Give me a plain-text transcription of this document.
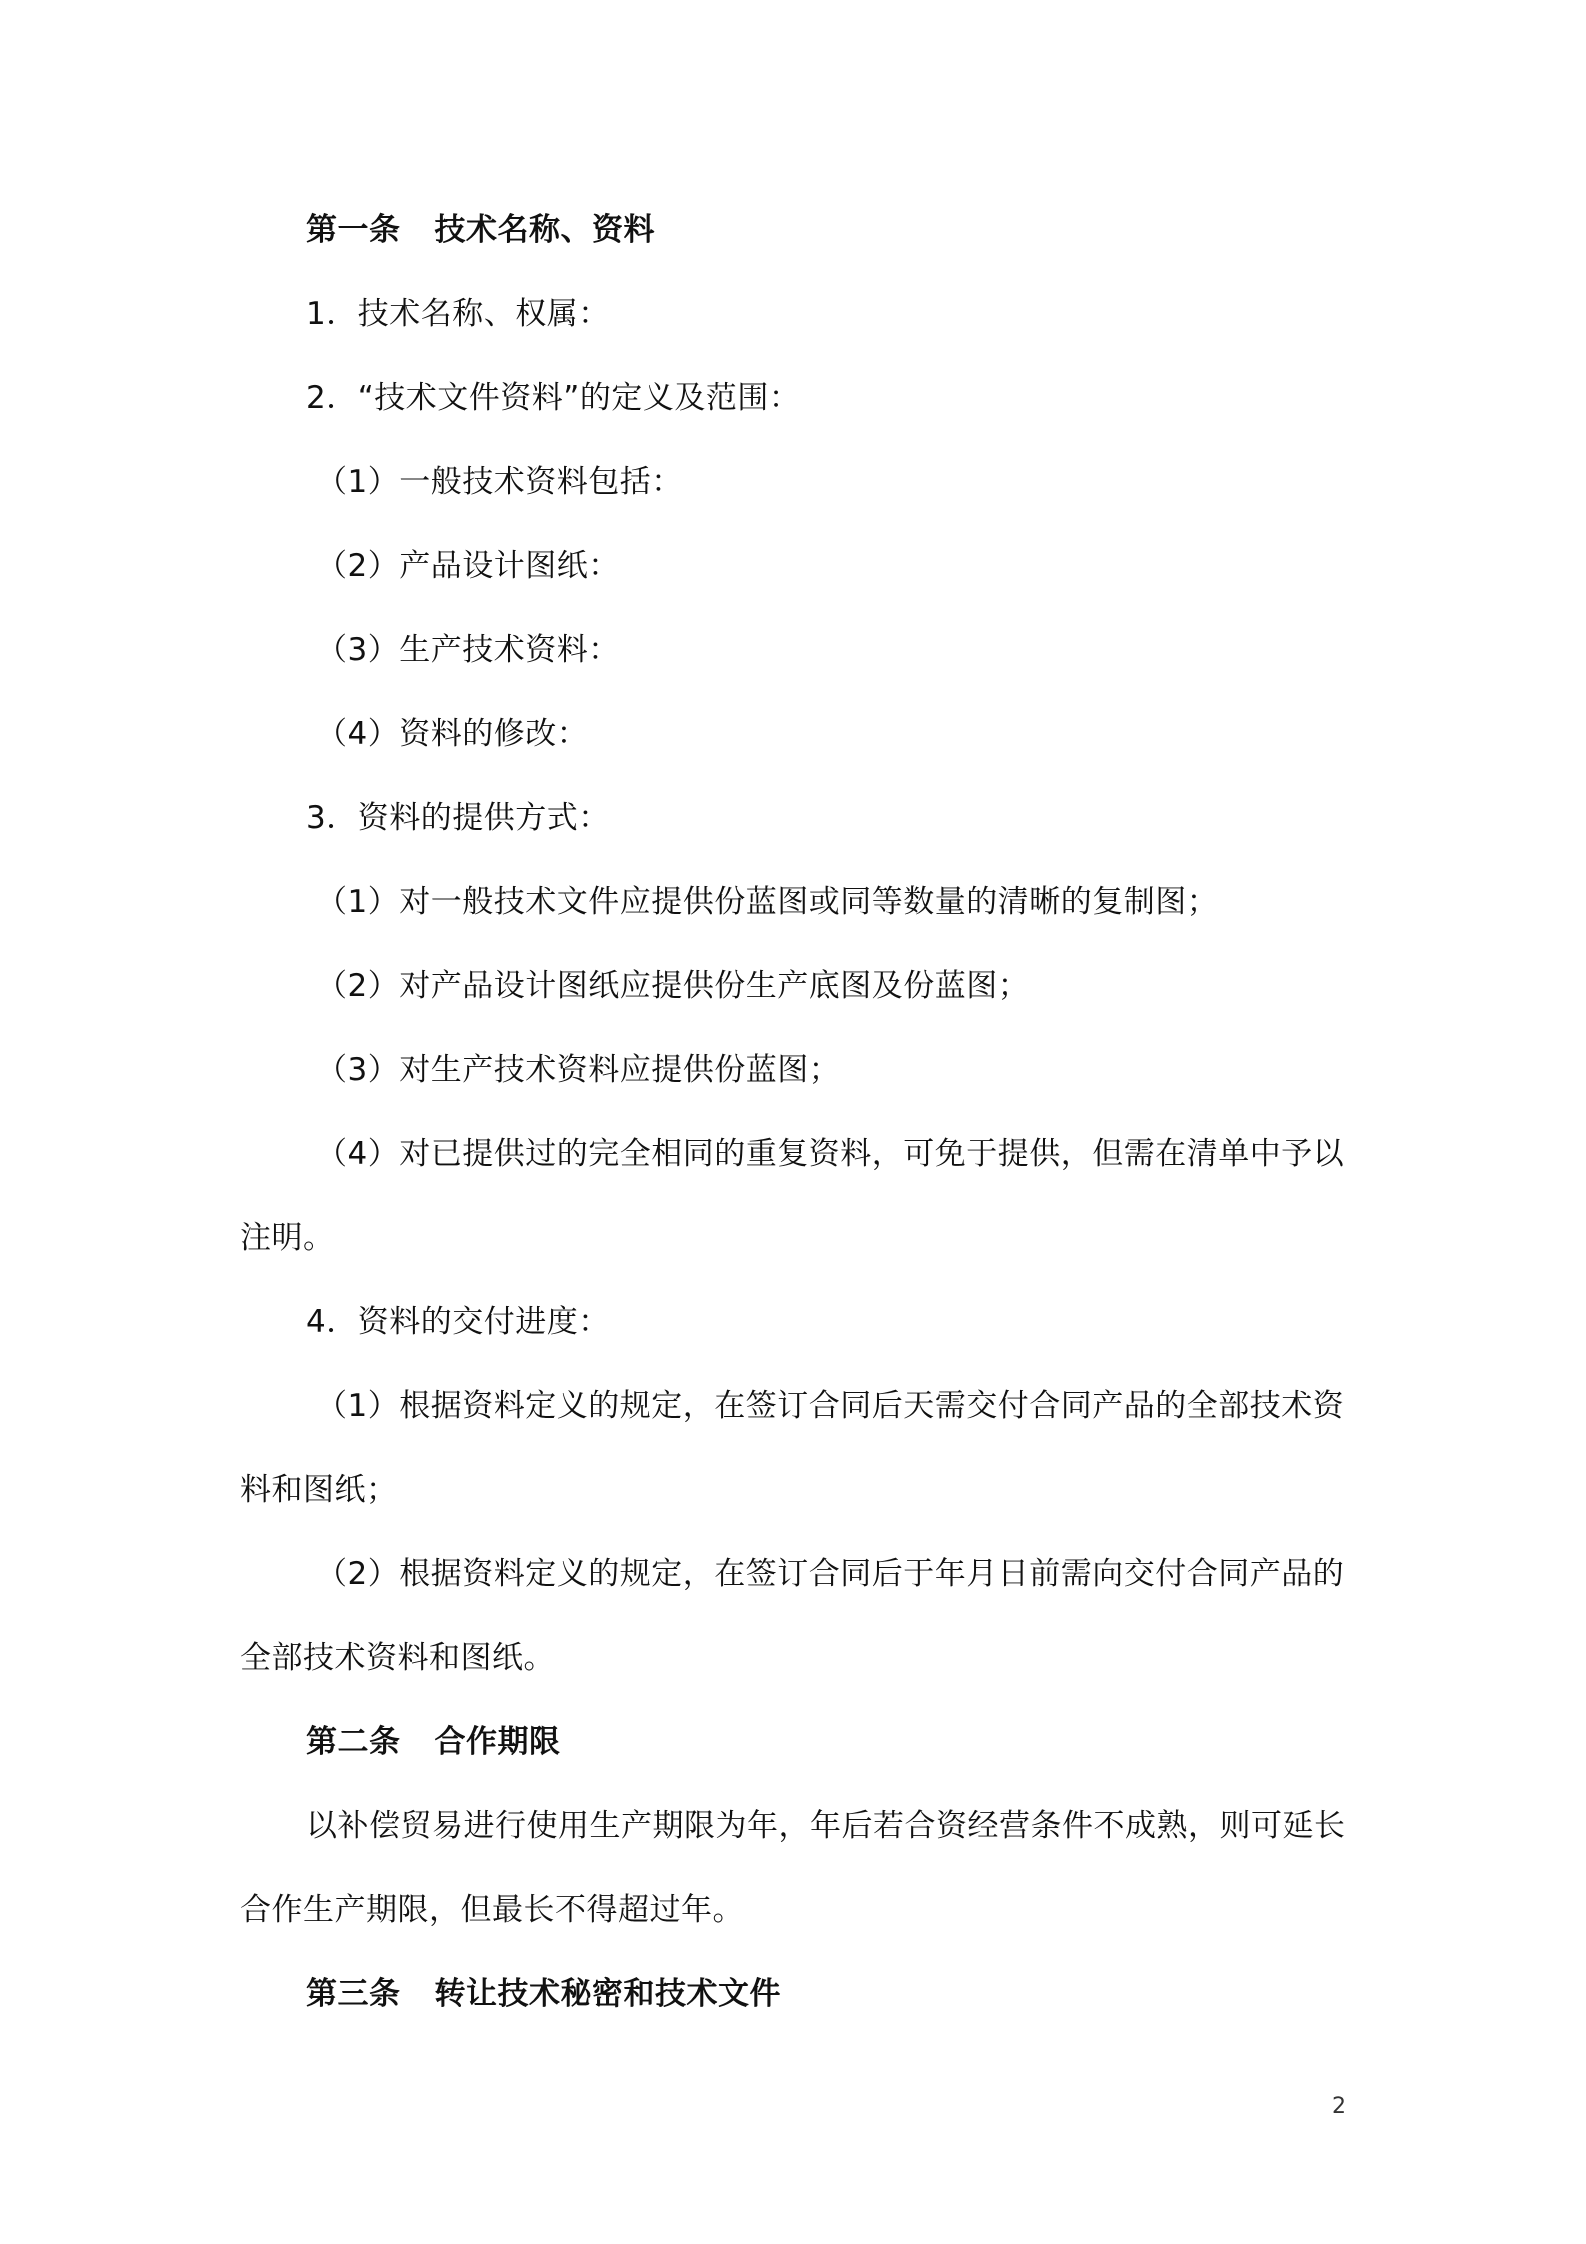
第一条 技术名称、资料
1．技术名称、权属：
2．“技术文件资料”的定义及范围：
（1）一般技术资料包括：
（2）产品设计图纸：
（3）生产技术资料：
（4）资料的修改：
3．资料的提供方式：
（1）对一般技术文件应提供份蓝图或同等数量的清晰的复制图；
（2）对产品设计图纸应提供份生产底图及份蓝图；
（3）对生产技术资料应提供份蓝图；
（4）对已提供过的完全相同的重复资料，可免于提供，但需在清单中予以
注明。
4．资料的交付进度：
（1）根据资料定义的规定，在签订合同后天需交付合同产品的全部技术资
料和图纸；
（2）根据资料定义的规定，在签订合同后于年月日前需向交付合同产品的
全部技术资料和图纸。
第二条 合作期限
以补偿贸易进行使用生产期限为年，年后若合资经营条件不成熟，则可延长
合作生产期限，但最长不得超过年。
第三条 转让技术秘密和技术文件
2
